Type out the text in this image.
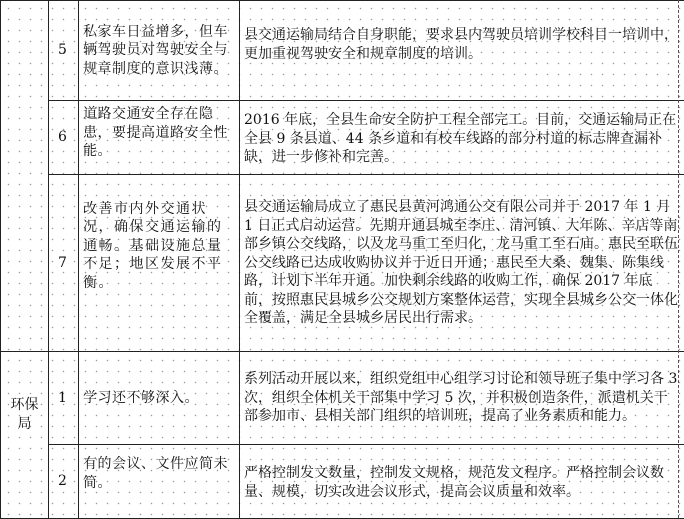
	5	私家车日益增多，但车辆驾驶员对驾驶安全与规章制度的意识浅薄。	县交通运输局结合自身职能，要求县内驾驶员培训学校科目一培训中，更加重视驾驶安全和规章制度的培训。
	6	道路交通安全存在隐患，要提高道路安全性能。	2016 年底，全县生命安全防护工程全部完工。目前，交通运输局正在全县 9 条县道、44 条乡道和有校车线路的部分村道的标志牌查漏补缺，进一步修补和完善。
	7	改善市内外交通状况，确保交通运输的通畅。基础设施总量不足；地区发展不平衡。	县交通运输局成立了惠民县黄河鸿通公交有限公司并于 2017 年 1 月 1 日正式启动运营。先期开通县城至李庄、清河镇、大年陈、辛店等南部乡镇公交线路，以及龙马重工至归化，龙马重工至石庙。惠民至联伍公交线路已达成收购协议并于近日开通；惠民至大桑、魏集、陈集线路，计划下半年开通。加快剩余线路的收购工作，确保 2017 年底前，按照惠民县城乡公交规划方案整体运营，实现全县城乡公交一体化全覆盖，满足全县城乡居民出行需求。
环保局	1	学习还不够深入。	系列活动开展以来，组织党组中心组学习讨论和领导班子集中学习各 3 次，组织全体机关干部集中学习 5 次，并积极创造条件，派遣机关干部参加市、县相关部门组织的培训班，提高了业务素质和能力。
	2	有的会议、文件应简未简。	严格控制发文数量，控制发文规格，规范发文程序。严格控制会议数量、规模，切实改进会议形式，提高会议质量和效率。
